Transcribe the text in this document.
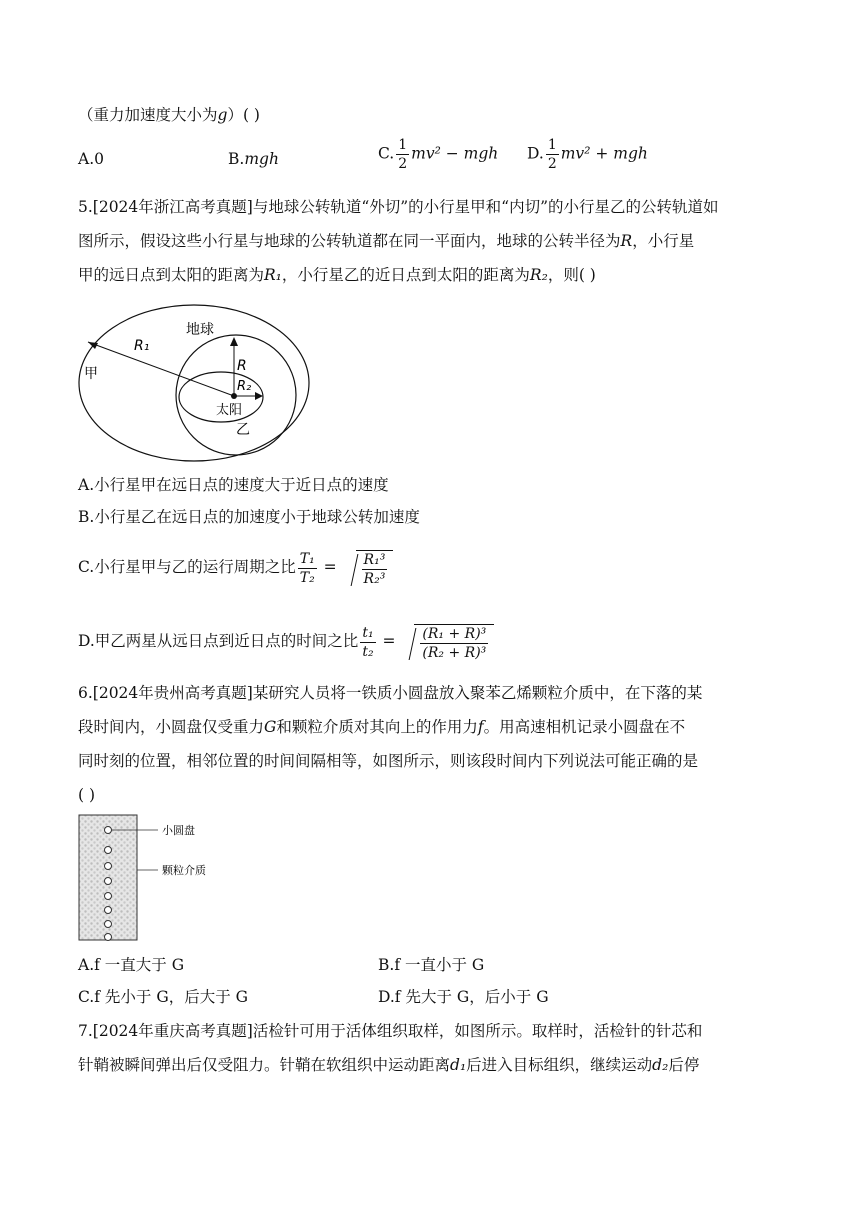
（重力加速度大小为g）( )
A.0	B.mgh	C. $\frac{1}{2} mv^2$ − mgh D. $\frac{1}{2} mv^2$ + mgh
5.[2024年浙江高考真题]与地球公转轨道“外切”的小行星甲和“内切”的小行星乙的公转轨道如
图所示，假设这些小行星与地球的公转轨道都在同一平面内，地球的公转半径为R，小行星
甲的远日点到太阳的距离为R₁，小行星乙的近日点到太阳的距离为R₂，则( )
地球
甲
R₁
R
R₂
太阳
乙
A.小行星甲在远日点的速度大于近日点的速度
B.小行星乙在远日点的加速度小于地球公转加速度
C.小行星甲与乙的运行周期之比 $\frac{\text{T₁}}{\text{T₂}} = \frac{\text{R₁³}}{\text{R₂³}}$
D.甲乙两星从远日点到近日点的时间之比 $\frac{\text{t₁}}{\text{t₂}} = \frac{\text{(R₁ + R)³}}{\text{(R₂ + R)³}}$
6.[2024年贵州高考真题]某研究人员将一铁质小圆盘放入聚苯乙烯颗粒介质中，在下落的某
段时间内，小圆盘仅受重力G和颗粒介质对其向上的作用力f。用高速相机记录小圆盘在不
同时刻的位置，相邻位置的时间间隔相等，如图所示，则该段时间内下列说法可能正确的是
( )
小圆盘
颗粒介质
A.f 一直大于 G	B.f 一直小于 G
C.f 先小于 G，后大于 G	D.f 先大于 G，后小于 G
7.[2024年重庆高考真题]活检针可用于活体组织取样，如图所示。取样时，活检针的针芯和
针鞘被瞬间弹出后仅受阻力。针鞘在软组织中运动距离d₁后进入目标组织，继续运动d₂后停
